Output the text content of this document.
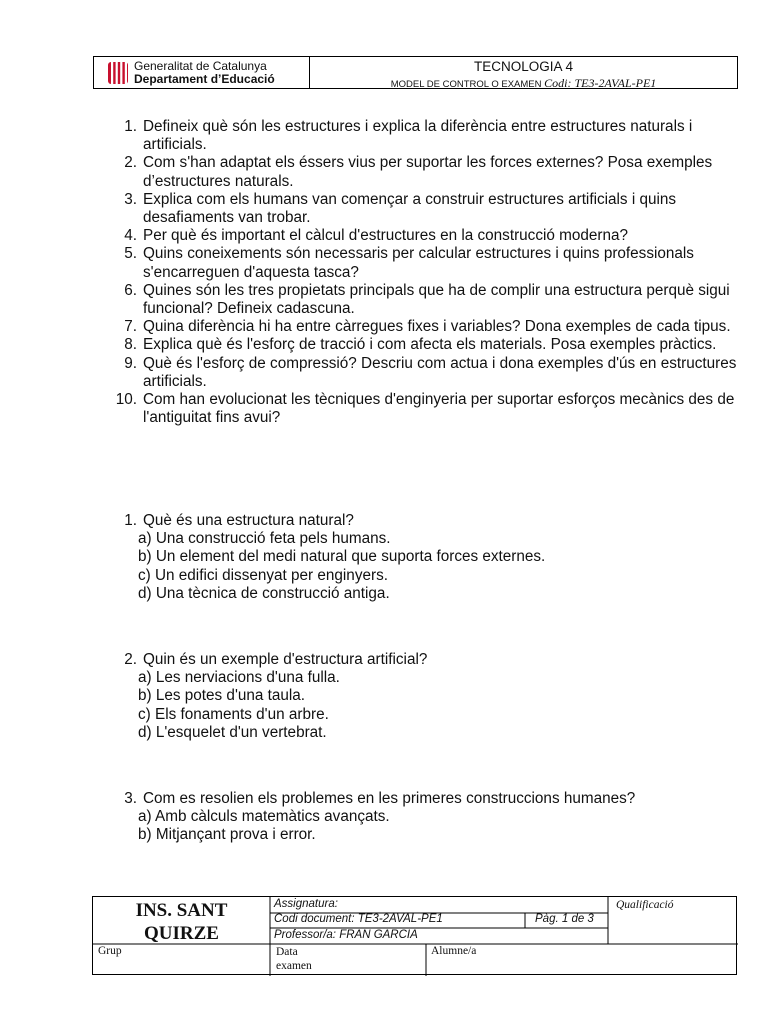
Generalitat de Catalunya
Departament d’Educació
TECNOLOGIA 4
MODEL DE CONTROL O EXAMEN Codi: TE3-2AVAL-PE1
1. Defineix què són les estructures i explica la diferència entre estructures naturals i artificials.
2. Com s'han adaptat els éssers vius per suportar les forces externes? Posa exemples d’estructures naturals.
3. Explica com els humans van començar a construir estructures artificials i quins desafiaments van trobar.
4. Per què és important el càlcul d'estructures en la construcció moderna?
5. Quins coneixements són necessaris per calcular estructures i quins professionals s'encarreguen d'aquesta tasca?
6. Quines són les tres propietats principals que ha de complir una estructura perquè sigui funcional? Defineix cadascuna.
7. Quina diferència hi ha entre càrregues fixes i variables? Dona exemples de cada tipus.
8. Explica què és l'esforç de tracció i com afecta els materials. Posa exemples pràctics.
9. Què és l'esforç de compressió? Descriu com actua i dona exemples d'ús en estructures artificials.
10. Com han evolucionat les tècniques d'enginyeria per suportar esforços mecànics des de l'antiguitat fins avui?
1. Què és una estructura natural?
a) Una construcció feta pels humans.
b) Un element del medi natural que suporta forces externes.
c) Un edifici dissenyat per enginyers.
d) Una tècnica de construcció antiga.
2. Quin és un exemple d'estructura artificial?
a) Les nerviacions d'una fulla.
b) Les potes d'una taula.
c) Els fonaments d'un arbre.
d) L'esquelet d'un vertebrat.
3. Com es resolien els problemes en les primeres construccions humanes?
a) Amb càlculs matemàtics avançats.
b) Mitjançant prova i error.
INS. SANT
QUIRZE
Assignatura:
Codi document: TE3-2AVAL-PE1	Pàg. 1 de 3
Professor/a: FRAN GARCIA
Qualificació
Grup	Data
examen
Alumne/a
